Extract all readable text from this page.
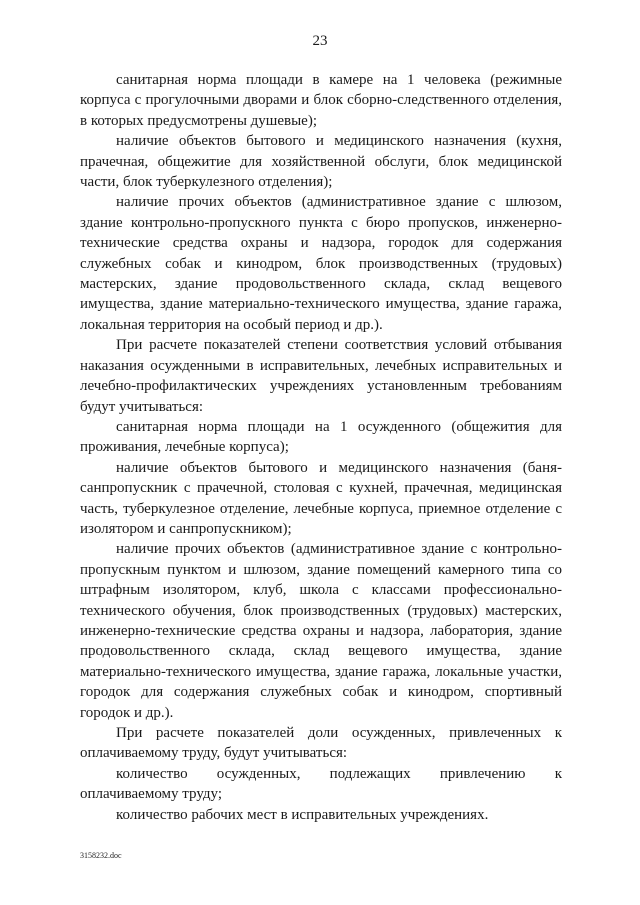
23

санитарная норма площади в камере на 1 человека (режимные корпуса с прогулочными дворами и блок сборно-следственного отделения, в которых предусмотрены душевые);

наличие объектов бытового и медицинского назначения (кухня, прачечная, общежитие для хозяйственной обслуги, блок медицинской части, блок туберкулезного отделения);

наличие прочих объектов (административное здание с шлюзом, здание контрольно-пропускного пункта с бюро пропусков, инженерно-технические средства охраны и надзора, городок для содержания служебных собак и кинодром, блок производственных (трудовых) мастерских, здание продовольственного склада, склад вещевого имущества, здание материально-технического имущества, здание гаража, локальная территория на особый период и др.).

При расчете показателей степени соответствия условий отбывания наказания осужденными в исправительных, лечебных исправительных и лечебно-профилактических учреждениях установленным требованиям будут учитываться:

санитарная норма площади на 1 осужденного (общежития для проживания, лечебные корпуса);

наличие объектов бытового и медицинского назначения (баня-санпропускник с прачечной, столовая с кухней, прачечная, медицинская часть, туберкулезное отделение, лечебные корпуса, приемное отделение с изолятором и санпропускником);

наличие прочих объектов (административное здание с контрольно-пропускным пунктом и шлюзом, здание помещений камерного типа со штрафным изолятором, клуб, школа с классами профессионально-технического обучения, блок производственных (трудовых) мастерских, инженерно-технические средства охраны и надзора, лаборатория, здание продовольственного склада, склад вещевого имущества, здание материально-технического имущества, здание гаража, локальные участки, городок для содержания служебных собак и кинодром, спортивный городок и др.).

При расчете показателей доли осужденных, привлеченных к оплачиваемому труду, будут учитываться:

количество осужденных, подлежащих привлечению к оплачиваемому труду;

количество рабочих мест в исправительных учреждениях.

3158232.doc
